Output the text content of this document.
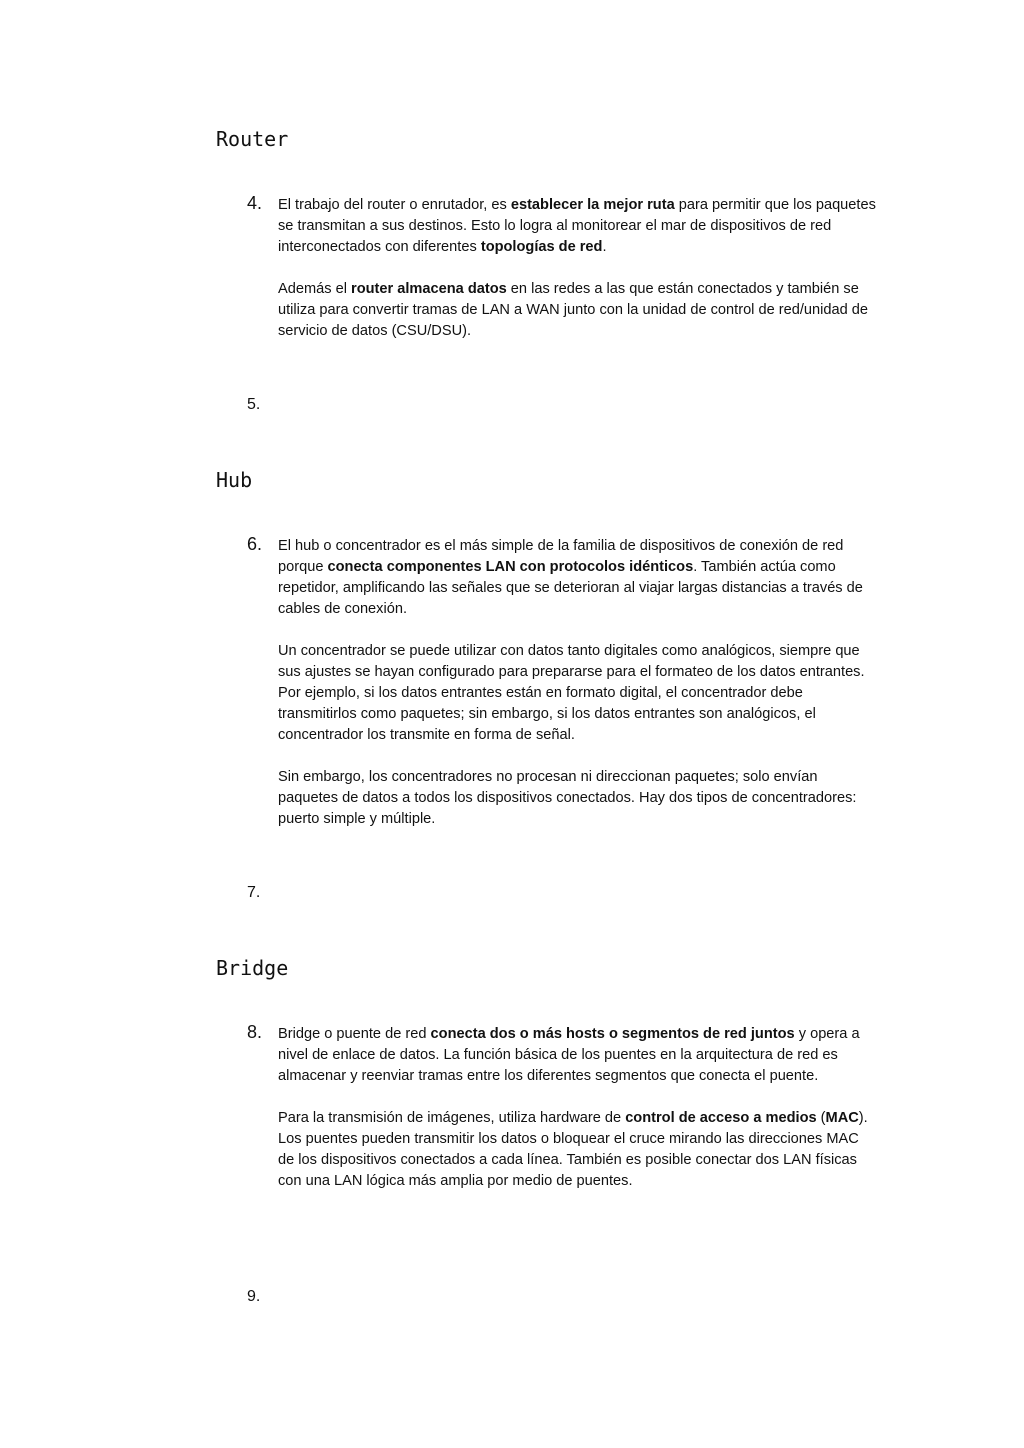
Router
4. El trabajo del router o enrutador, es establecer la mejor ruta para permitir que los paquetes se transmitan a sus destinos. Esto lo logra al monitorear el mar de dispositivos de red interconectados con diferentes topologías de red.

Además el router almacena datos en las redes a las que están conectados y también se utiliza para convertir tramas de LAN a WAN junto con la unidad de control de red/unidad de servicio de datos (CSU/DSU).

5.
Hub
6. El hub o concentrador es el más simple de la familia de dispositivos de conexión de red porque conecta componentes LAN con protocolos idénticos. También actúa como repetidor, amplificando las señales que se deterioran al viajar largas distancias a través de cables de conexión.

Un concentrador se puede utilizar con datos tanto digitales como analógicos, siempre que sus ajustes se hayan configurado para prepararse para el formateo de los datos entrantes. Por ejemplo, si los datos entrantes están en formato digital, el concentrador debe transmitirlos como paquetes; sin embargo, si los datos entrantes son analógicos, el concentrador los transmite en forma de señal.

Sin embargo, los concentradores no procesan ni direccionan paquetes; solo envían paquetes de datos a todos los dispositivos conectados. Hay dos tipos de concentradores: puerto simple y múltiple.

7.
Bridge
8. Bridge o puente de red conecta dos o más hosts o segmentos de red juntos y opera a nivel de enlace de datos. La función básica de los puentes en la arquitectura de red es almacenar y reenviar tramas entre los diferentes segmentos que conecta el puente.

Para la transmisión de imágenes, utiliza hardware de control de acceso a medios (MAC). Los puentes pueden transmitir los datos o bloquear el cruce mirando las direcciones MAC de los dispositivos conectados a cada línea. También es posible conectar dos LAN físicas con una LAN lógica más amplia por medio de puentes.

9.
